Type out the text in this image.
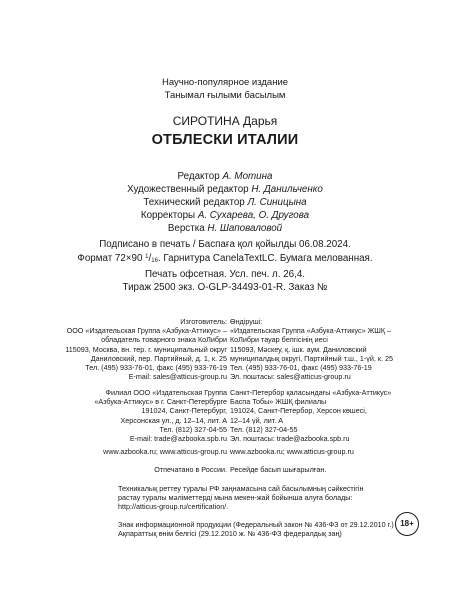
Научно-популярное издание
Танымал ғылыми басылым
СИРОТИНА Дарья
ОТБЛЕСКИ ИТАЛИИ
Редактор А. Мотина
Художественный редактор Н. Данильченко
Технический редактор Л. Синицына
Корректоры А. Сухарева, О. Другова
Верстка Н. Шаповаловой
Подписано в печать / Баспаға қол қойылды 06.08.2024.
Формат 72×90 $^1$/16. Гарнитура CanelaTextLC. Бумага мелованная.
Печать офсетная. Усл. печ. л. 26,4.
Тираж 2500 экз. O-GLP-34493-01-R. Заказ №
Изготовитель:
ООО «Издательская Группа «Азбука-Аттикус» –
обладатель товарного знака КоЛибри
115093, Москва, вн. тер. г. муниципальный округ
Даниловский, пер. Партийный, д. 1, к. 25
Тел. (495) 933-76-01, факс (495) 933-76-19
E-mail: sales@atticus-group.ru
Филиал ООО «Издательская Группа
«Азбука-Аттикус» в г. Санкт-Петербурге
191024, Санкт-Петербург,
Херсонская ул., д. 12–14, лит. А
Тел. (812) 327-04-55
E-mail: trade@azbooka.spb.ru
www.azbooka.ru; www.atticus-group.ru
Отпечатано в России.
Өндіруші:
«Издательская Группа «Азбука-Аттикус» ЖШҚ –
КоЛибри тауар белгісінің иесі
115093, Мәскеу, қ. ішк. аум. Даниловский
муниципалдық округі, Партийный т.ш., 1-үй, к. 25
Тел. (495) 933-76-01, факс (495) 933-76-19
Эл. поштасы: sales@atticus-group.ru
Санкт-Петербор қаласындағы «Азбука-Аттикус»
Баспа Тобы» ЖШҚ филиалы
191024, Санкт-Петербор, Херсон көшесі,
12–14 үй, лит. А
Тел. (812) 327-04-55
Эл. поштасы: trade@azbooka.spb.ru
www.azbooka.ru; www.atticus-group.ru
Ресейде басып шығарылған.
Техникалық реттеу туралы РФ заңнамасына сай басылымның сәйкестігін
растау туралы мәліметтерді мына мекен-жай бойынша алуға болады:
http://atticus-group.ru/certification/.
Знак информационной продукции (Федеральный закон № 436-ФЗ от 29.12.2010 г.)
Ақпараттық өнім белгісі (29.12.2010 ж. № 436-ФЗ федералдық заң)
18+
